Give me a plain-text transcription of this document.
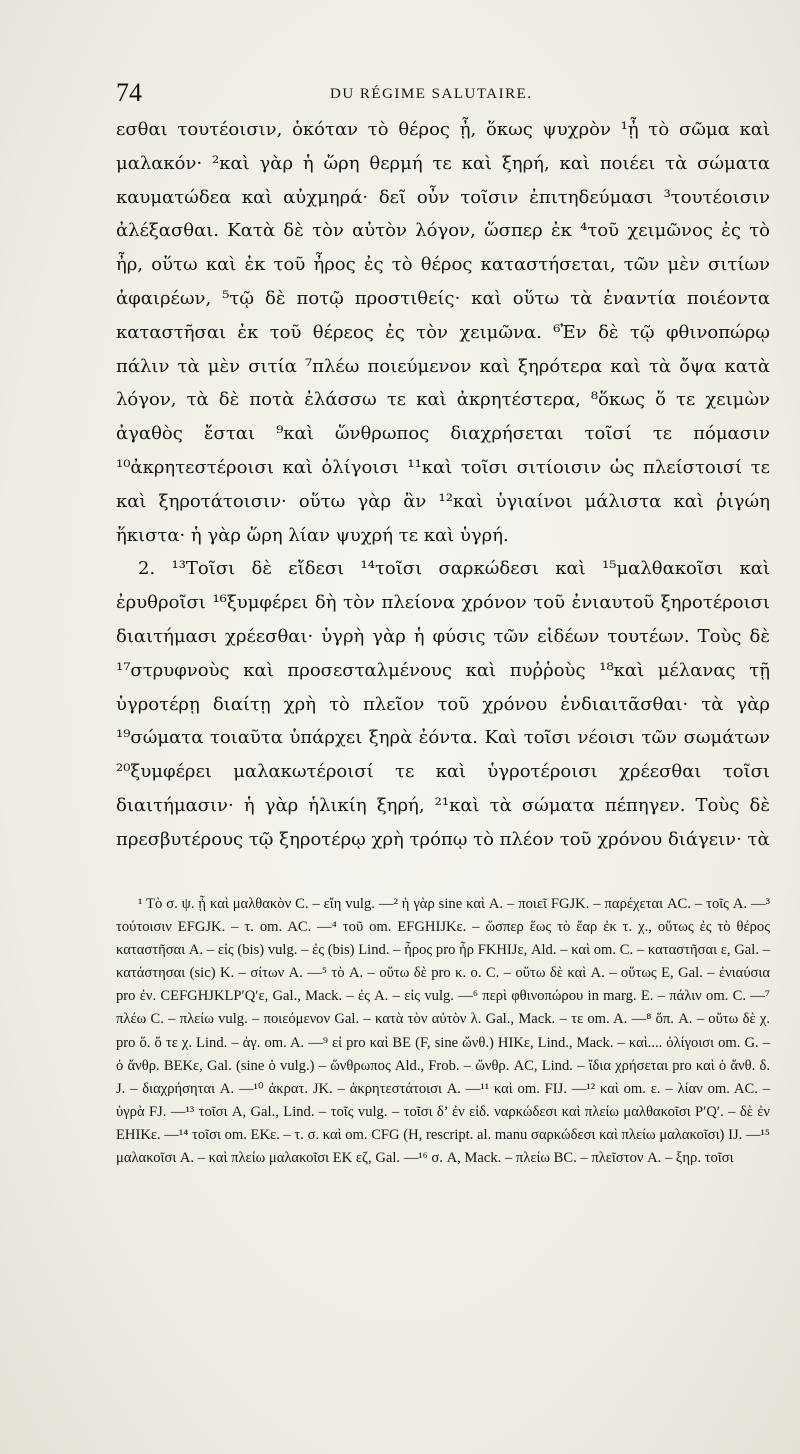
74	DU RÉGIME SALUTAIRE.

εσθαι τουτέοισιν, ὁκόταν τὸ θέρος ᾖ, ὅκως ψυχρὸν ¹ᾖ τὸ σῶμα καὶ μαλακόν· ²καὶ γὰρ ἡ ὥρη θερμή τε καὶ ξηρή, καὶ ποιέει τὰ σώματα καυματώδεα καὶ αὐχμηρά· δεῖ οὖν τοῖσιν ἐπιτηδεύμασι ³τουτέοισιν ἀλέξασθαι. Κατὰ δὲ τὸν αὐτὸν λόγον, ὥσπερ ἐκ ⁴τοῦ χειμῶνος ἐς τὸ ἦρ, οὕτω καὶ ἐκ τοῦ ἦρος ἐς τὸ θέρος καταστήσεται, τῶν μὲν σιτίων ἀφαιρέων, ⁵τῷ δὲ ποτῷ προστιθείς· καὶ οὕτω τὰ ἐναντία ποιέοντα καταστῆσαι ἐκ τοῦ θέρεος ἐς τὸν χειμῶνα. ⁶Ἐν δὲ τῷ φθινοπώρῳ πάλιν τὰ μὲν σιτία ⁷πλέω ποιεύμενον καὶ ξηρότερα καὶ τὰ ὄψα κατὰ λόγον, τὰ δὲ ποτὰ ἐλάσσω τε καὶ ἀκρητέστερα, ⁸ὅκως ὅ τε χειμὼν ἀγαθὸς ἔσται ⁹καὶ ὥνθρωπος διαχρήσεται τοῖσί τε πόμασιν ¹⁰ἀκρητεστέροισι καὶ ὀλίγοισι ¹¹καὶ τοῖσι σιτίοισιν ὡς πλείστοισί τε καὶ ξηροτάτοισιν· οὕτω γὰρ ἂν ¹²καὶ ὑγιαίνοι μάλιστα καὶ ῥιγώη ἥκιστα· ἡ γὰρ ὥρη λίαν ψυχρή τε καὶ ὑγρή.

2. ¹³Τοῖσι δὲ εἴδεσι ¹⁴τοῖσι σαρκώδεσι καὶ ¹⁵μαλθακοῖσι καὶ ἐρυθροῖσι ¹⁶ξυμφέρει δὴ τὸν πλείονα χρόνον τοῦ ἐνιαυτοῦ ξηροτέροισι διαιτήμασι χρέεσθαι· ὑγρὴ γὰρ ἡ φύσις τῶν εἰδέων τουτέων. Τοὺς δὲ ¹⁷στρυφνοὺς καὶ προσεσταλμένους καὶ πυῤῥοὺς ¹⁸καὶ μέλανας τῇ ὑγροτέρῃ διαίτῃ χρὴ τὸ πλεῖον τοῦ χρόνου ἐνδιαιτᾶσθαι· τὰ γὰρ ¹⁹σώματα τοιαῦτα ὑπάρχει ξηρὰ ἐόντα. Καὶ τοῖσι νέοισι τῶν σωμάτων ²⁰ξυμφέρει μαλακωτέροισί τε καὶ ὑγροτέροισι χρέεσθαι τοῖσι διαιτήμασιν· ἡ γὰρ ἡλικίη ξηρή, ²¹καὶ τὰ σώματα πέπηγεν. Τοὺς δὲ πρεσβυτέρους τῷ ξηροτέρῳ χρὴ τρόπῳ τὸ πλέον τοῦ χρόνου διάγειν· τὰ

¹ Τὸ σ. ψ. ᾖ καὶ μαλθακὸν C. – εἴη vulg. —² ἡ γὰρ sine καὶ A. – ποιεῖ FGJK. – παρέχεται AC. – τοῖς A. —³ τούτοισιν EFGJK. – τ. om. AC. —⁴ τοῦ om. EFGHIJKε. – ὥσπερ ἕως τὸ ἔαρ ἐκ τ. χ., οὕτως ἐς τὸ θέρος καταστῆσαι A. – εἰς (bis) vulg. – ἐς (bis) Lind. – ἦρος pro ἦρ FKHIJε, Ald. – καὶ om. C. – καταστῆσαι ε, Gal. – κατάστησαι (sic) K. – σίτων A. —⁵ τὸ A. – οὕτω δὲ pro κ. ο. C. – οὕτω δὲ καὶ A. – οὕτως E, Gal. – ἐνιαύσια pro ἐν. CEFGHJKLP′Q′ε, Gal., Mack. – ἐς A. – εἰς vulg. —⁶ περὶ φθινοπώρου in marg. E. – πάλιν om. C. —⁷ πλέω C. – πλείω vulg. – ποιεόμενον Gal. – κατὰ τὸν αὐτὸν λ. Gal., Mack. – τε om. A. —⁸ ὅπ. A. – οὕτω δὲ χ. pro ὅ. ὅ τε χ. Lind. – ἀγ. om. A. —⁹ εἰ pro καὶ BE (F, sine ὤνθ.) HIKε, Lind., Mack. – καὶ.... ὀλίγοισι om. G. – ὁ ἄνθρ. BEKε, Gal. (sine ὁ vulg.) – ὥνθρωπος Ald., Frob. – ὤνθρ. AC, Lind. – ἴδια χρήσεται pro καὶ ὁ ἄνθ. δ. J. – διαχρήσηται A. —¹⁰ ἀκρατ. JK. – ἀκρητεστάτοισι A. —¹¹ καὶ om. FIJ. —¹² καὶ om. ε. – λίαν om. AC. – ὑγρὰ FJ. —¹³ τοῖσι A, Gal., Lind. – τοῖς vulg. – τοῖσι δ’ ἐν εἰδ. ναρκώδεσι καὶ πλείω μαλθακοῖσι P′Q′. – δὲ ἐν EHIKε. —¹⁴ τοῖσι om. EKε. – τ. σ. καὶ om. CFG (H, rescript. al. manu σαρκώδεσι καὶ πλείω μαλακοῖσι) IJ. —¹⁵ μαλακοῖσι A. – καὶ πλείω μαλακοῖσι EK εζ, Gal. —¹⁶ σ. A, Mack. – πλείω BC. – πλεῖστον A. – ξηρ. τοῖσι
